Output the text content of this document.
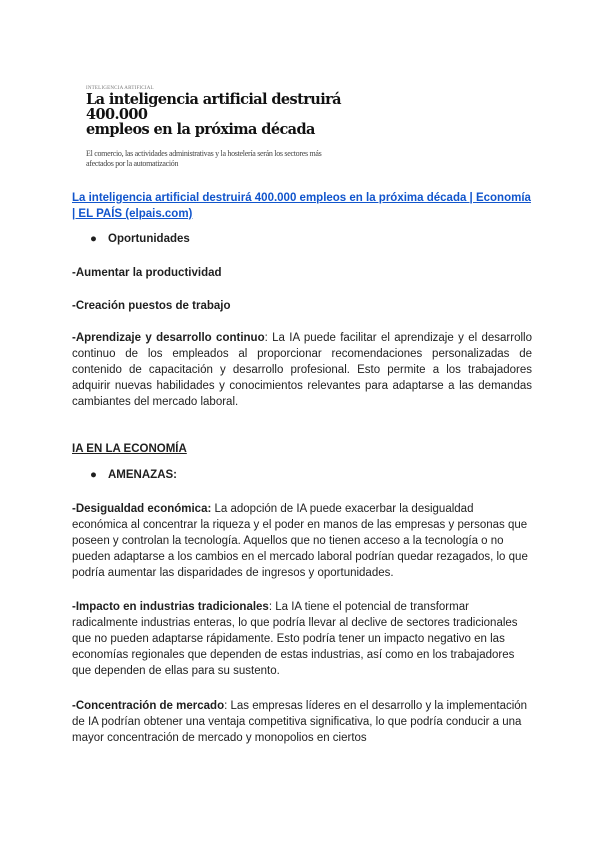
INTELIGENCIA ARTIFICIAL
La inteligencia artificial destruirá 400.000
empleos en la próxima década
El comercio, las actividades administrativas y la hostelería serán los sectores más
afectados por la automatización
La inteligencia artificial destruirá 400.000 empleos en la próxima década | Economía | EL PAÍS (elpais.com)
● Oportunidades
-Aumentar la productividad
-Creación puestos de trabajo
-Aprendizaje y desarrollo continuo: La IA puede facilitar el aprendizaje y el desarrollo continuo de los empleados al proporcionar recomendaciones personalizadas de contenido de capacitación y desarrollo profesional. Esto permite a los trabajadores adquirir nuevas habilidades y conocimientos relevantes para adaptarse a las demandas cambiantes del mercado laboral.
IA EN LA ECONOMÍA
● AMENAZAS:
-Desigualdad económica: La adopción de IA puede exacerbar la desigualdad económica al concentrar la riqueza y el poder en manos de las empresas y personas que poseen y controlan la tecnología. Aquellos que no tienen acceso a la tecnología o no pueden adaptarse a los cambios en el mercado laboral podrían quedar rezagados, lo que podría aumentar las disparidades de ingresos y oportunidades.
-Impacto en industrias tradicionales: La IA tiene el potencial de transformar radicalmente industrias enteras, lo que podría llevar al declive de sectores tradicionales que no pueden adaptarse rápidamente. Esto podría tener un impacto negativo en las economías regionales que dependen de estas industrias, así como en los trabajadores que dependen de ellas para su sustento.
-Concentración de mercado: Las empresas líderes en el desarrollo y la implementación de IA podrían obtener una ventaja competitiva significativa, lo que podría conducir a una mayor concentración de mercado y monopolios en ciertos
